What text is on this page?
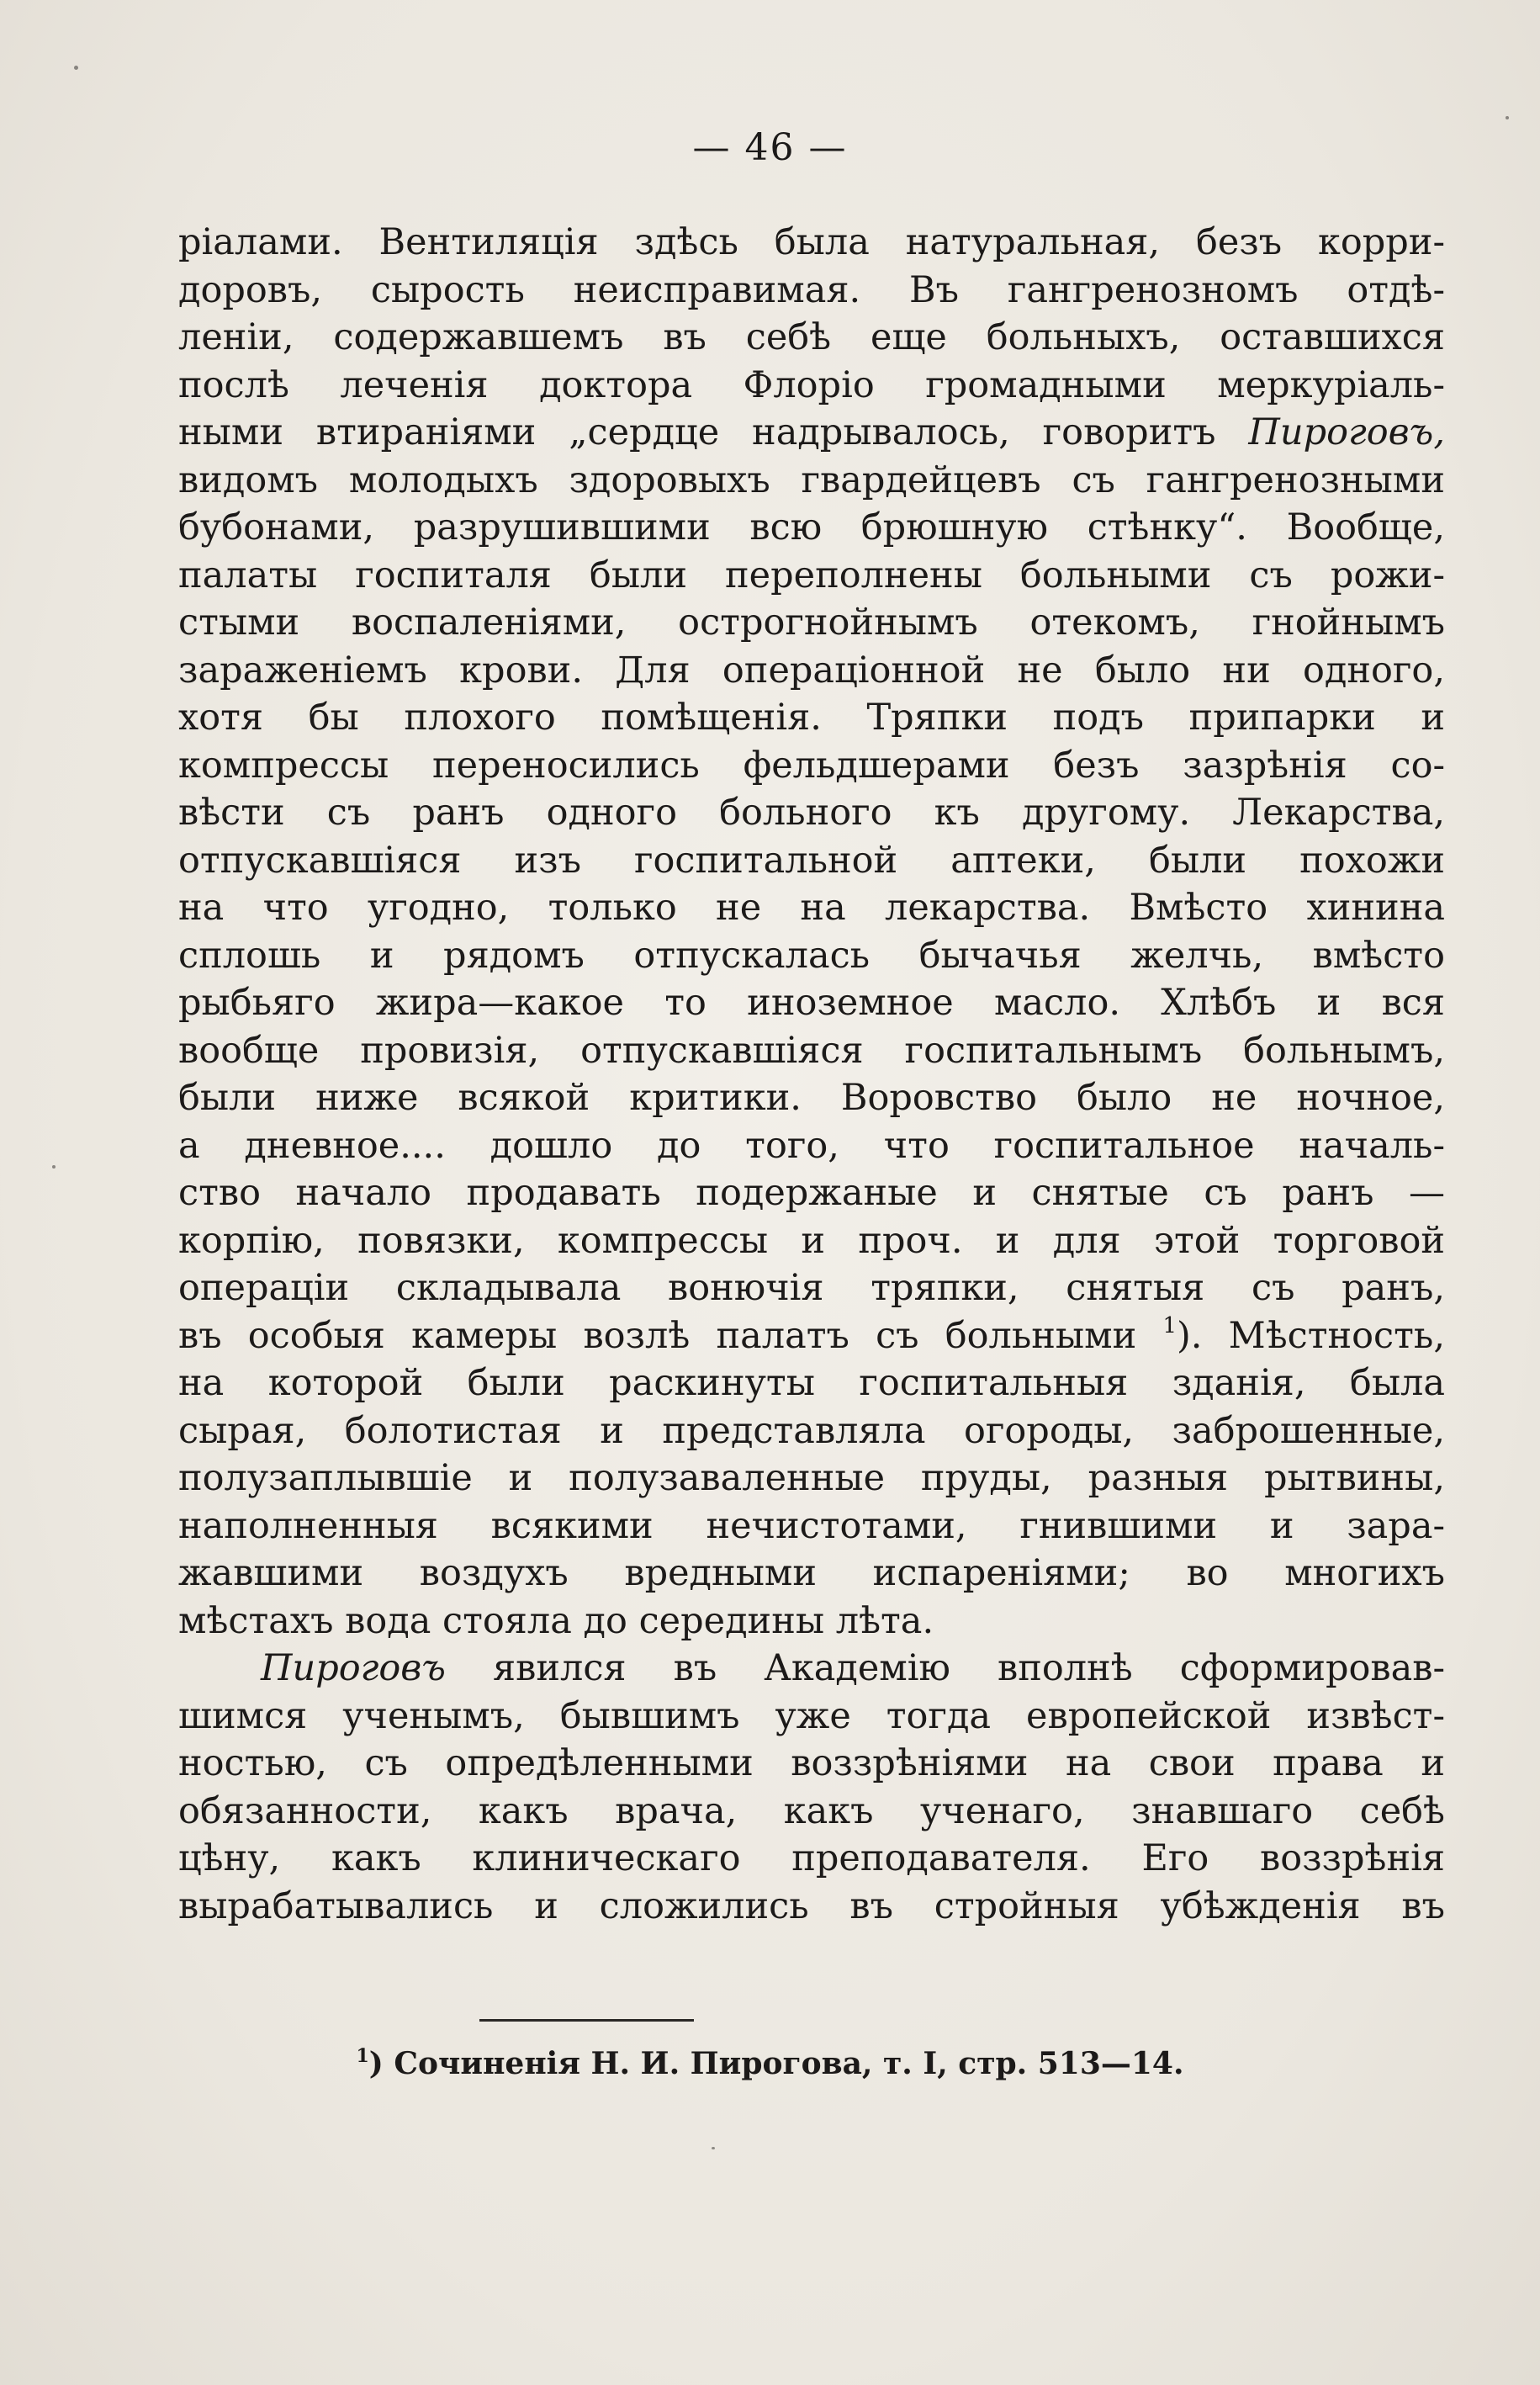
— 46 —
ріалами. Вентиляція здѣсь была натуральная, безъ корри-
доровъ, сырость неисправимая. Въ гангренозномъ отдѣ-
леніи, содержавшемъ въ себѣ еще больныхъ, оставшихся
послѣ леченія доктора Флоріо громадными меркуріаль-
ными втираніями „сердце надрывалось, говоритъ Пироговъ,
видомъ молодыхъ здоровыхъ гвардейцевъ съ гангренозными
бубонами, разрушившими всю брюшную стѣнку“. Вообще,
палаты госпиталя были переполнены больными съ рожи-
стыми воспаленіями, острогнойнымъ отекомъ, гнойнымъ
зараженіемъ крови. Для операціонной не было ни одного,
хотя бы плохого помѣщенія. Тряпки подъ припарки и
компрессы переносились фельдшерами безъ зазрѣнія со-
вѣсти съ ранъ одного больного къ другому. Лекарства,
отпускавшіяся изъ госпитальной аптеки, были похожи
на что угодно, только не на лекарства. Вмѣсто хинина
сплошь и рядомъ отпускалась бычачья желчь, вмѣсто
рыбьяго жира—какое то иноземное масло. Хлѣбъ и вся
вообще провизія, отпускавшіяся госпитальнымъ больнымъ,
были ниже всякой критики. Воровство было не ночное,
а дневное.... дошло до того, что госпитальное началь-
ство начало продавать подержаные и снятые съ ранъ —
корпію, повязки, компрессы и проч. и для этой торговой
операціи складывала вонючія тряпки, снятыя съ ранъ,
въ особыя камеры возлѣ палатъ съ больными $^1$). Мѣстность,
на которой были раскинуты госпитальныя зданія, была
сырая, болотистая и представляла огороды, заброшенные,
полузаплывшіе и полузаваленные пруды, разныя рытвины,
наполненныя всякими нечистотами, гнившими и зара-
жавшими воздухъ вредными испареніями; во многихъ
мѣстахъ вода стояла до середины лѣта.
Пироговъ явился въ Академію вполнѣ сформировав-
шимся ученымъ, бывшимъ уже тогда европейской извѣст-
ностью, съ опредѣленными воззрѣніями на свои права и
обязанности, какъ врача, какъ ученаго, знавшаго себѣ
цѣну, какъ клиническаго преподавателя. Его воззрѣнія
вырабатывались и сложились въ стройныя убѣжденія въ
$^1$) Сочиненія Н. И. Пирогова, т. I, стр. 513—14.
